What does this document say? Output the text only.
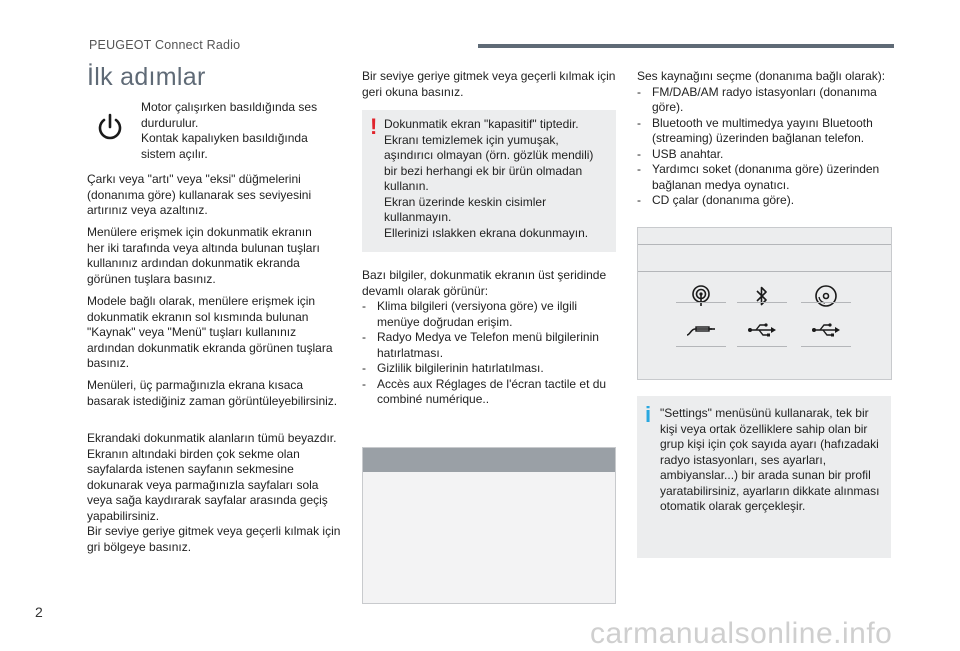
PEUGEOT Connect Radio
İlk adımlar

Motor çalışırken basıldığında ses

durdurulur.

Kontak kapalıyken basıldığında

sistem açılır.

Çarkı veya "artı" veya "eksi" düğmelerini

(donanıma göre) kullanarak ses seviyesini

artırınız veya azaltınız.

Menülere erişmek için dokunmatik ekranın

her iki tarafında veya altında bulunan tuşları

kullanınız ardından dokunmatik ekranda

görünen tuşlara basınız.

Modele bağlı olarak, menülere erişmek için

dokunmatik ekranın sol kısmında bulunan

"Kaynak" veya "Menü" tuşları kullanınız

ardından dokunmatik ekranda görünen tuşlara

basınız.

Menüleri, üç parmağınızla ekrana kısaca

basarak istediğiniz zaman görüntüleyebilirsiniz.

Ekrandaki dokunmatik alanların tümü beyazdır.

Ekranın altındaki birden çok sekme olan

sayfalarda istenen sayfanın sekmesine

dokunarak veya parmağınızla sayfaları sola

veya sağa kaydırarak sayfalar arasında geçiş

yapabilirsiniz.

Bir seviye geriye gitmek veya geçerli kılmak için

gri bölgeye basınız.

Bir seviye geriye gitmek veya geçerli kılmak için

geri okuna basınız.

! Dokunmatik ekran "kapasitif" tiptedir.

Ekranı temizlemek için yumuşak,

aşındırıcı olmayan (örn. gözlük mendili)

bir bezi herhangi ek bir ürün olmadan

kullanın.

Ekran üzerinde keskin cisimler

kullanmayın.

Ellerinizi ıslakken ekrana dokunmayın.

Bazı bilgiler, dokunmatik ekranın üst şeridinde

devamlı olarak görünür:

- Klima bilgileri (versiyona göre) ve ilgili
menüye doğrudan erişim.
- Radyo Medya ve Telefon menü bilgilerinin
hatırlatması.
- Gizlilik bilgilerinin hatırlatılması.
- Accès aux Réglages de l'écran tactile et du
combiné numérique..

Ses kaynağını seçme (donanıma bağlı olarak):

- FM/DAB/AM radyo istasyonları (donanıma
göre).
- Bluetooth ve multimedya yayını Bluetooth
(streaming) üzerinden bağlanan telefon.
- USB anahtar.
- Yardımcı soket (donanıma göre) üzerinden
bağlanan medya oynatıcı.
- CD çalar (donanıma göre).
i "Settings" menüsünü kullanarak, tek bir

kişi veya ortak özelliklere sahip olan bir

grup kişi için çok sayıda ayarı (hafızadaki

radyo istasyonları, ses ayarları,

ambiyanslar...) bir arada sunan bir profil

yaratabilirsiniz, ayarların dikkate alınması

otomatik olarak gerçekleşir.

2
carmanualsonline.info
